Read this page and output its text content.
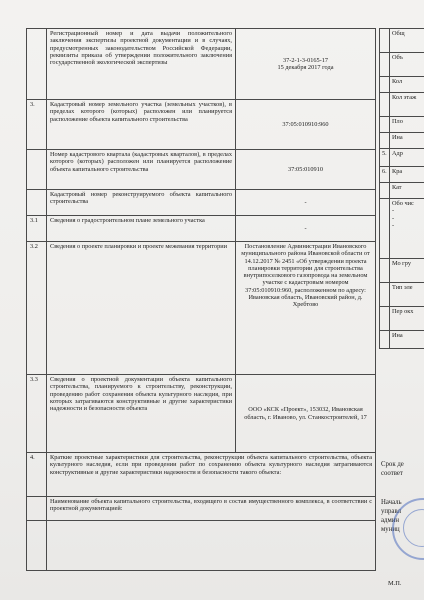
	Регистрационный номер и дата выдачи положительного заключения экспертизы проектной документации и в случаях, предусмотренных законодательством Российской Федерации, реквизиты приказа об утверждении положительного заключения государственной экологической экспертизы	37-2-1-3-0165-17
15 декабря 2017 года
3.	Кадастровый номер земельного участка (земельных участков), в пределах которого (которых) расположен или планируется расположение объекта капитального строительства	37:05:010910:960
	Номер кадастрового квартала (кадастровых кварталов), в пределах которого (которых) расположен или планируется расположение объекта капитального строительства	37:05:010910
	Кадастровый номер реконструируемого объекта капитального строительства	-
3.1	Сведения о градостроительном плане земельного участка	-
3.2	Сведения о проекте планировки и проекте межевания территории	Постановление Администрации Ивановского муниципального района Ивановской области от 14.12.2017 № 2451 «Об утверждении проекта планировки территории для строительства внутрипоселкового газопровода на земельном участке с кадастровым номером 37:05:010910:960, расположенном по адресу: Ивановская область, Ивановский район, д. Хребтово
3.3	Сведения о проектной документации объекта капитального строительства, планируемого к строительству, реконструкции, проведению работ сохранения объекта культурного наследия, при которых затрагиваются конструктивные и другие характеристики надежности и безопасности объекта	ООО «КСК «Проект», 153032, Ивановская область, г. Иваново, ул. Станкостроителей, 17
4.	Краткие проектные характеристики для строительства, реконструкции объекта капитального строительства, объекта культурного наследия, если при проведении работ по сохранению объекта культурного наследия затрагиваются конструктивные и другие характеристики надежности и безопасности такого объекта:	
	Наименование объекта капитального строительства, входящего в состав имущественного комплекса, в соответствии с проектной документацией:	

	Общ
	Объ
	Кол
	Кол этаж
	Пло
	Ина
5.	Адр
6.	Кра
	Кат
	Обо чис
-
-
-
	Мо гру
	Тип эле
	Пер окх
	Ина
Срок де
соответ
Началь
управл
админ
муниц
М.П.
